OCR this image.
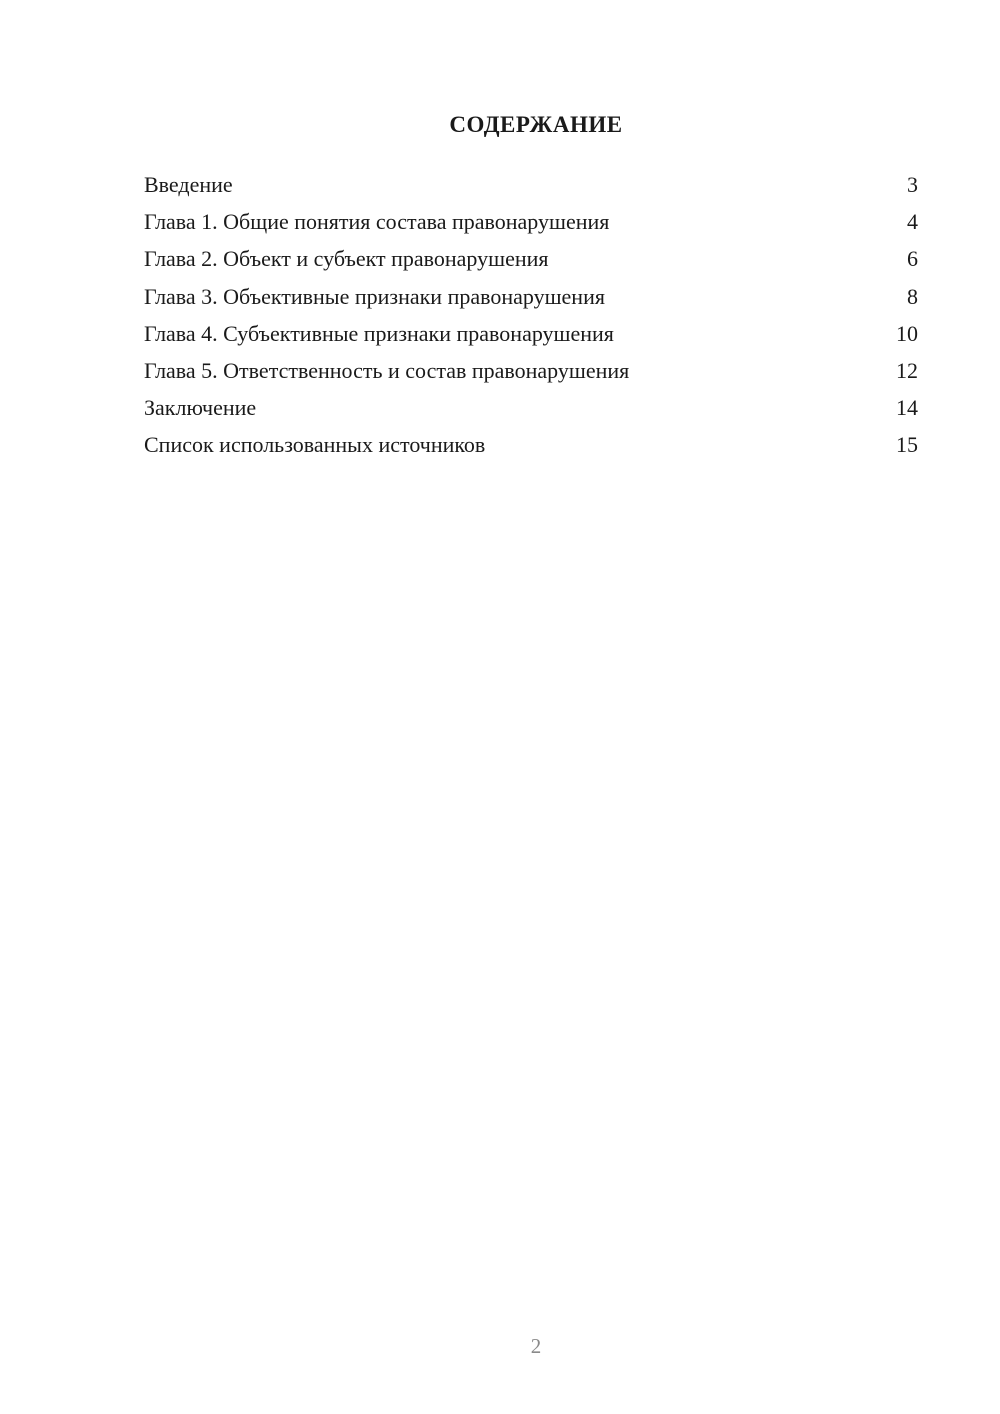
СОДЕРЖАНИЕ
Введение	3
Глава 1. Общие понятия состава правонарушения	4
Глава 2. Объект и субъект правонарушения	6
Глава 3. Объективные признаки правонарушения	8
Глава 4. Субъективные признаки правонарушения	10
Глава 5. Ответственность и состав правонарушения	12
Заключение	14
Список использованных источников	15
2
